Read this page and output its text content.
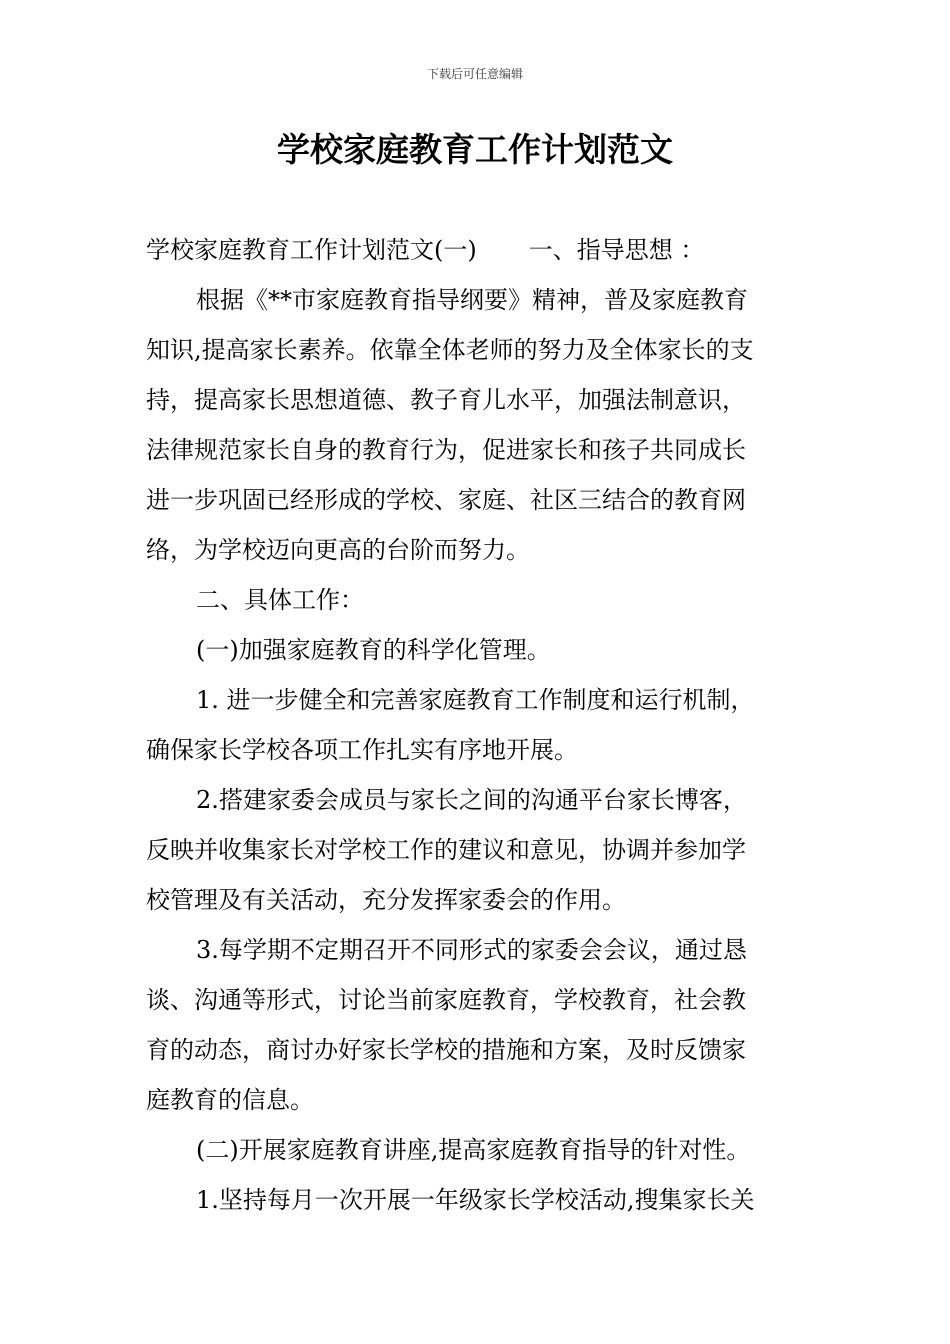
下载后可任意编辑
学校家庭教育工作计划范文

学校家庭教育工作计划范文(一) 一、指导思想 ：

根据《**市家庭教育指导纲要》精神，普及家庭教育

知识,提高家长素养。依靠全体老师的努力及全体家长的支

持，提高家长思想道德、教子育儿水平，加强法制意识，

法律规范家长自身的教育行为，促进家长和孩子共同成长

进一步巩固已经形成的学校、家庭、社区三结合的教育网

络，为学校迈向更高的台阶而努力。

二、具体工作：

(一)加强家庭教育的科学化管理。

1. 进一步健全和完善家庭教育工作制度和运行机制，

确保家长学校各项工作扎实有序地开展。

2.搭建家委会成员与家长之间的沟通平台家长博客，

反映并收集家长对学校工作的建议和意见，协调并参加学

校管理及有关活动，充分发挥家委会的作用。

3.每学期不定期召开不同形式的家委会会议，通过恳

谈、沟通等形式，讨论当前家庭教育，学校教育，社会教

育的动态，商讨办好家长学校的措施和方案，及时反馈家

庭教育的信息。

(二)开展家庭教育讲座,提高家庭教育指导的针对性。

1.坚持每月一次开展一年级家长学校活动,搜集家长关
